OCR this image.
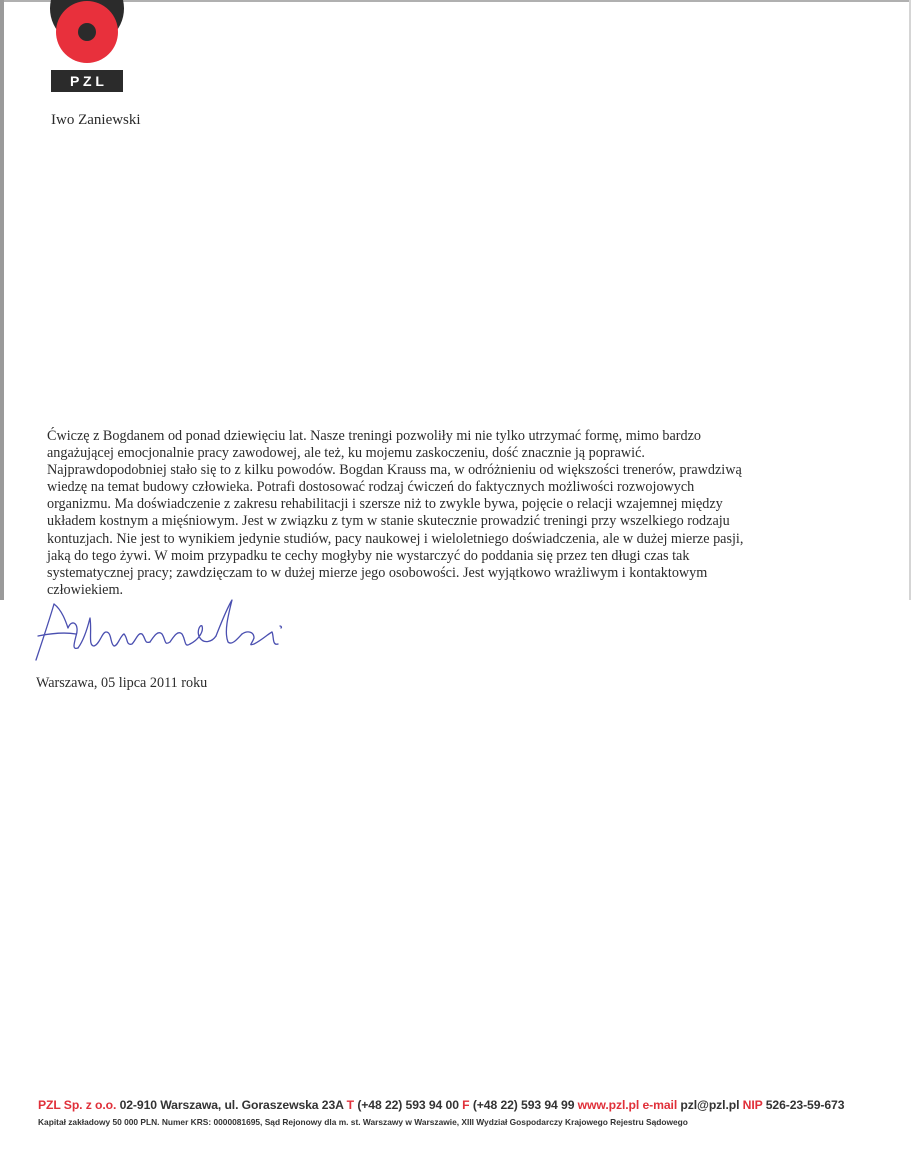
P Z L
Iwo Zaniewski
Ćwiczę z Bogdanem od ponad dziewięciu lat. Nasze treningi pozwoliły mi nie tylko utrzymać formę, mimo bardzo
angażującej emocjonalnie pracy zawodowej, ale też, ku mojemu zaskoczeniu, dość znacznie ją poprawić.
Najprawdopodobniej stało się to z kilku powodów. Bogdan Krauss ma, w odróżnieniu od większości trenerów, prawdziwą
wiedzę na temat budowy człowieka. Potrafi dostosować rodzaj ćwiczeń do faktycznych możliwości rozwojowych
organizmu. Ma doświadczenie z zakresu rehabilitacji i szersze niż to zwykle bywa, pojęcie o relacji wzajemnej między
układem kostnym a mięśniowym. Jest w związku z tym w stanie skutecznie prowadzić treningi przy wszelkiego rodzaju
kontuzjach. Nie jest to wynikiem jedynie studiów, pacy naukowej i wieloletniego doświadczenia, ale w dużej mierze pasji,
jaką do tego żywi. W moim przypadku te cechy mogłyby nie wystarczyć do poddania się przez ten długi czas tak
systematycznej pracy; zawdzięczam to w dużej mierze jego osobowości. Jest wyjątkowo wrażliwym i kontaktowym
człowiekiem.
Warszawa, 05 lipca 2011 roku
PZL Sp. z o.o. 02-910 Warszawa, ul. Goraszewska 23A T (+48 22) 593 94 00 F (+48 22) 593 94 99 www.pzl.pl e-mail pzl@pzl.pl NIP 526-23-59-673
Kapitał zakładowy 50 000 PLN. Numer KRS: 0000081695, Sąd Rejonowy dla m. st. Warszawy w Warszawie, XIII Wydział Gospodarczy Krajowego Rejestru Sądowego
